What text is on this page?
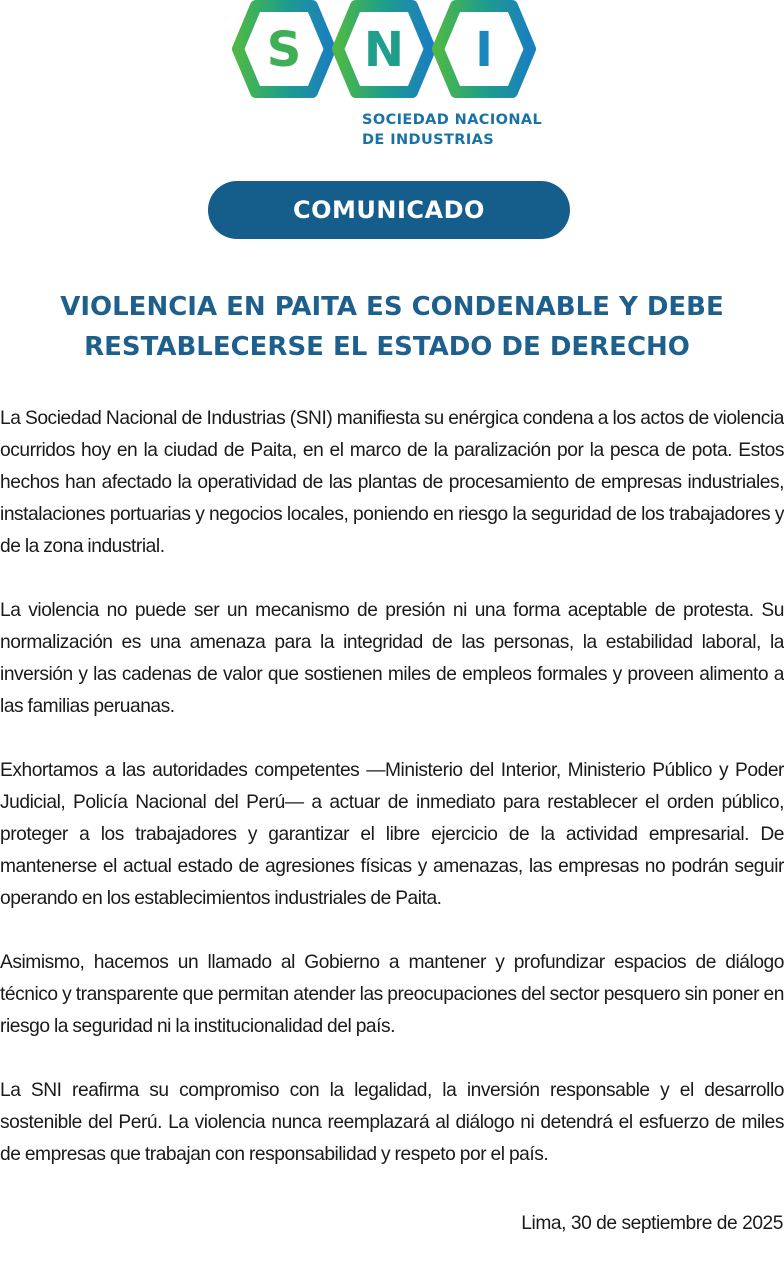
S N I
SOCIEDAD NACIONAL
DE INDUSTRIAS
COMUNICADO
VIOLENCIA EN PAITA ES CONDENABLE Y DEBE
RESTABLECERSE EL ESTADO DE DERECHO

La Sociedad Nacional de Industrias (SNI) manifiesta su enérgica condena a los actos de violencia ocurridos hoy en la ciudad de Paita, en el marco de la paralización por la pesca de pota. Estos hechos han afectado la operatividad de las plantas de procesamiento de empresas industriales, instalaciones portuarias y negocios locales, poniendo en riesgo la seguridad de los trabajadores y de la zona industrial.

La violencia no puede ser un mecanismo de presión ni una forma aceptable de protesta. Su normalización es una amenaza para la integridad de las personas, la estabilidad laboral, la inversión y las cadenas de valor que sostienen miles de empleos formales y proveen alimento a las familias peruanas.

Exhortamos a las autoridades competentes —Ministerio del Interior, Ministerio Público y Poder Judicial, Policía Nacional del Perú— a actuar de inmediato para restablecer el orden público, proteger a los trabajadores y garantizar el libre ejercicio de la actividad empresarial. De mantenerse el actual estado de agresiones físicas y amenazas, las empresas no podrán seguir operando en los establecimientos industriales de Paita.

Asimismo, hacemos un llamado al Gobierno a mantener y profundizar espacios de diálogo técnico y transparente que permitan atender las preocupaciones del sector pesquero sin poner en riesgo la seguridad ni la institucionalidad del país.

La SNI reafirma su compromiso con la legalidad, la inversión responsable y el desarrollo sostenible del Perú. La violencia nunca reemplazará al diálogo ni detendrá el esfuerzo de miles de empresas que trabajan con responsabilidad y respeto por el país.

Lima, 30 de septiembre de 2025
